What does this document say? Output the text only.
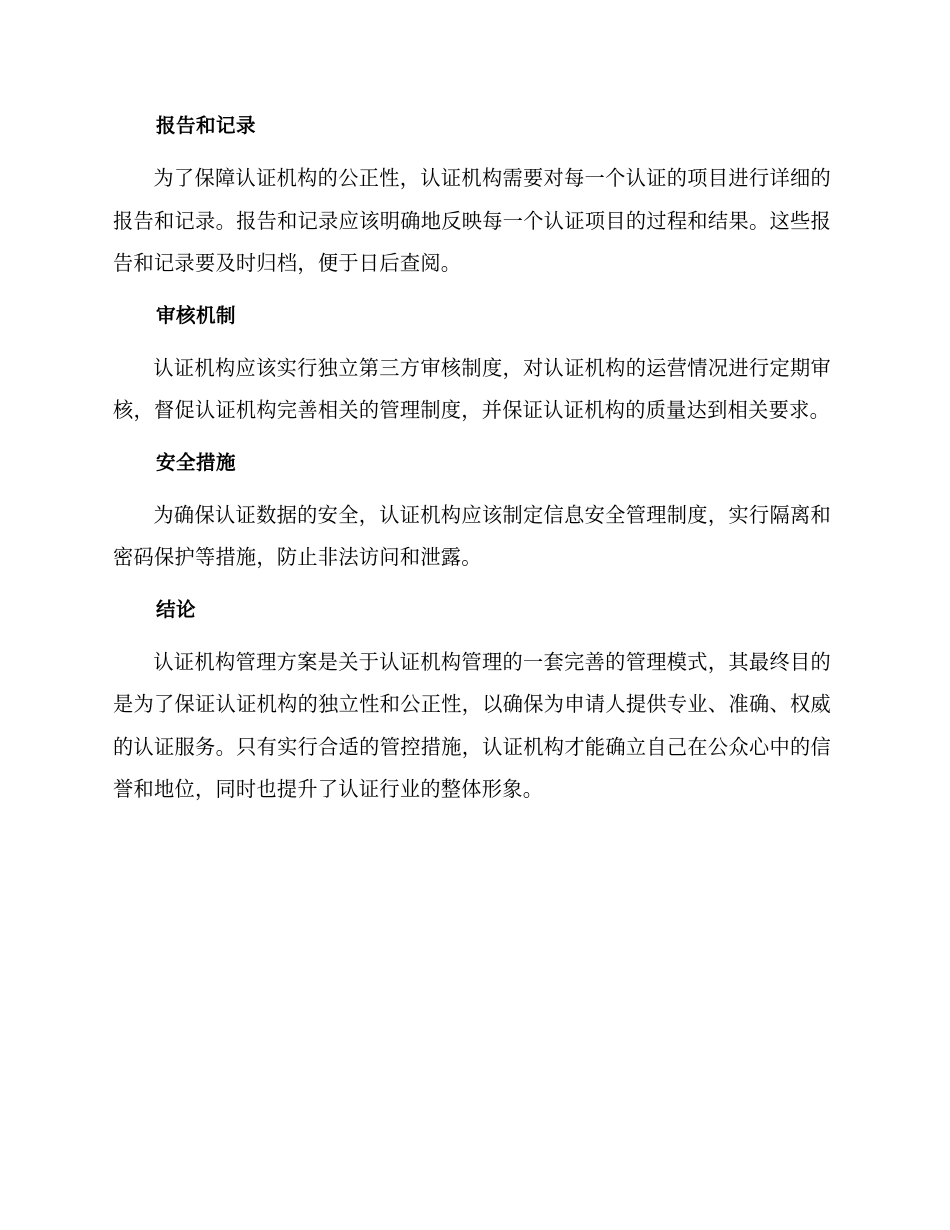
报告和记录

为了保障认证机构的公正性，认证机构需要对每一个认证的项目进行详细的报告和记录。报告和记录应该明确地反映每一个认证项目的过程和结果。这些报告和记录要及时归档，便于日后查阅。

审核机制

认证机构应该实行独立第三方审核制度，对认证机构的运营情况进行定期审核，督促认证机构完善相关的管理制度，并保证认证机构的质量达到相关要求。

安全措施

为确保认证数据的安全，认证机构应该制定信息安全管理制度，实行隔离和密码保护等措施，防止非法访问和泄露。

结论

认证机构管理方案是关于认证机构管理的一套完善的管理模式，其最终目的是为了保证认证机构的独立性和公正性，以确保为申请人提供专业、准确、权威的认证服务。只有实行合适的管控措施，认证机构才能确立自己在公众心中的信誉和地位，同时也提升了认证行业的整体形象。
